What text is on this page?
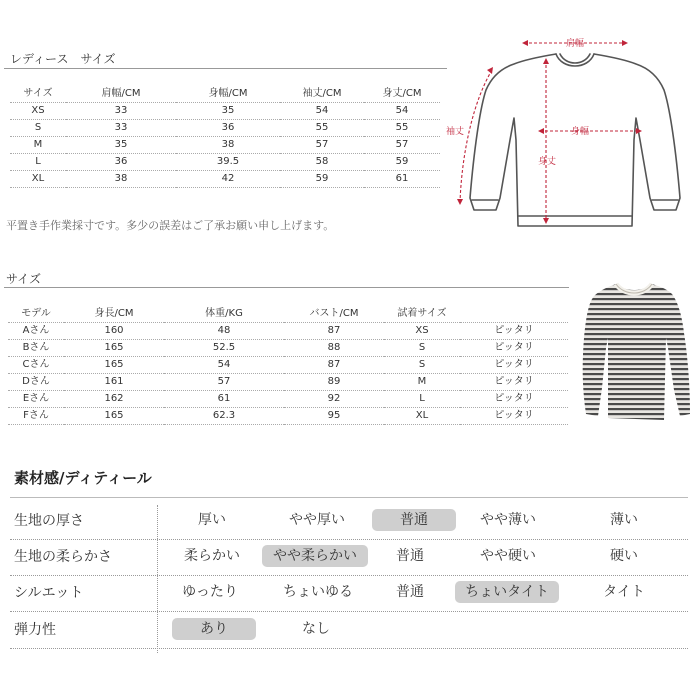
レディース　サイズ
サイズ	肩幅/CM	身幅/CM	袖丈/CM	身丈/CM
XS	33	35	54	54
S	33	36	55	55
M	35	38	57	57
L	36	39.5	58	59
XL	38	42	59	61
平置き手作業採寸です。多少の誤差はご了承お願い申し上げます。
肩幅
身幅
身丈
袖丈
サイズ
モデル	身長/CM	体重/KG	バスト/CM	試着サイズ	
Aさん	160	48	87	XS	ピッタリ
Bさん	165	52.5	88	S	ピッタリ
Cさん	165	54	87	S	ピッタリ
Dさん	161	57	89	M	ピッタリ
Eさん	162	61	92	L	ピッタリ
Fさん	165	62.3	95	XL	ピッタリ
素材感/ディティール
生地の厚さ	厚い	やや厚い	普通	やや薄い	薄い
生地の柔らかさ	柔らかい	やや柔らかい	普通	やや硬い	硬い
シルエット	ゆったり	ちょいゆる	普通	ちょいタイト	タイト
弾力性	あり	なし
